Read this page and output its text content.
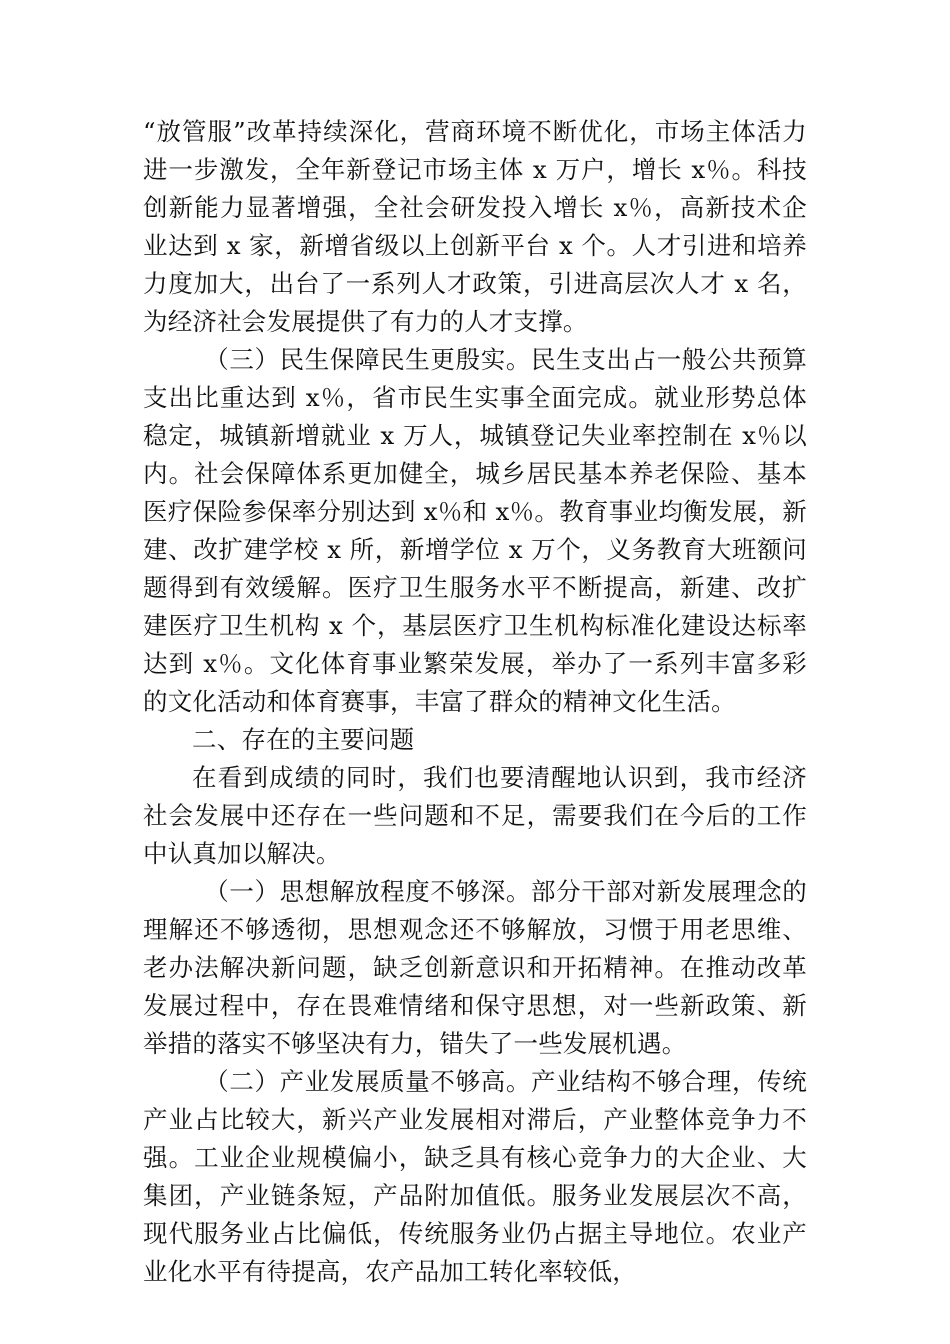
“放管服”改革持续深化，营商环境不断优化，市场主体活力进一步激发，全年新登记市场主体 x 万户，增长 x％。科技创新能力显著增强，全社会研发投入增长 x％，高新技术企业达到 x 家，新增省级以上创新平台 x 个。人才引进和培养力度加大，出台了一系列人才政策，引进高层次人才 x 名，为经济社会发展提供了有力的人才支撑。

（三）民生保障民生更殷实。民生支出占一般公共预算支出比重达到 x％，省市民生实事全面完成。就业形势总体稳定，城镇新增就业 x 万人，城镇登记失业率控制在 x％以内。社会保障体系更加健全，城乡居民基本养老保险、基本医疗保险参保率分别达到 x％和 x％。教育事业均衡发展，新建、改扩建学校 x 所，新增学位 x 万个，义务教育大班额问题得到有效缓解。医疗卫生服务水平不断提高，新建、改扩建医疗卫生机构 x 个，基层医疗卫生机构标准化建设达标率达到 x％。文化体育事业繁荣发展，举办了一系列丰富多彩的文化活动和体育赛事，丰富了群众的精神文化生活。

二、存在的主要问题

在看到成绩的同时，我们也要清醒地认识到，我市经济社会发展中还存在一些问题和不足，需要我们在今后的工作中认真加以解决。

（一）思想解放程度不够深。部分干部对新发展理念的理解还不够透彻，思想观念还不够解放，习惯于用老思维、老办法解决新问题，缺乏创新意识和开拓精神。在推动改革发展过程中，存在畏难情绪和保守思想，对一些新政策、新举措的落实不够坚决有力，错失了一些发展机遇。

（二）产业发展质量不够高。产业结构不够合理，传统产业占比较大，新兴产业发展相对滞后，产业整体竞争力不强。工业企业规模偏小，缺乏具有核心竞争力的大企业、大集团，产业链条短，产品附加值低。服务业发展层次不高，现代服务业占比偏低，传统服务业仍占据主导地位。农业产业化水平有待提高，农产品加工转化率较低，
